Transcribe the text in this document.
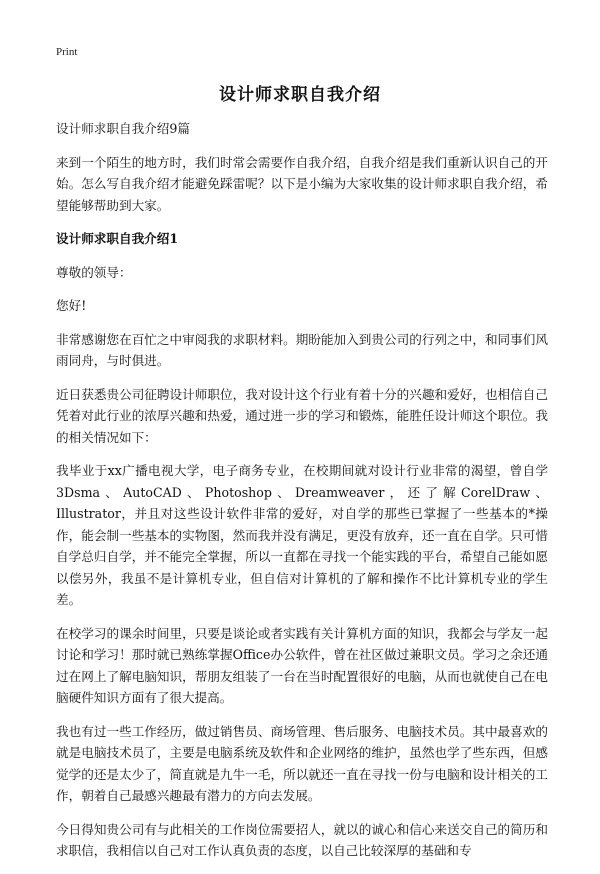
Print
设计师求职自我介绍

设计师求职自我介绍9篇

来到一个陌生的地方时，我们时常会需要作自我介绍，自我介绍是我们重新认识自己的开始。怎么写自我介绍才能避免踩雷呢？以下是小编为大家收集的设计师求职自我介绍，希望能够帮助到大家。

设计师求职自我介绍1

尊敬的领导：

您好!

非常感谢您在百忙之中审阅我的求职材料。期盼能加入到贵公司的行列之中，和同事们风雨同舟，与时俱进。

近日获悉贵公司征聘设计师职位，我对设计这个行业有着十分的兴趣和爱好，也相信自己凭着对此行业的浓厚兴趣和热爱，通过进一步的学习和锻炼，能胜任设计师这个职位。我的相关情况如下：

我毕业于xx广播电视大学，电子商务专业，在校期间就对设计行业非常的渴望，曾自学3Dsma、AutoCAD、Photoshop、Dreamweaver，还了解CorelDraw、Illustrator，并且对这些设计软件非常的爱好，对自学的那些已掌握了一些基本的*操作，能会制一些基本的实物图，然而我并没有满足，更没有放弃，还一直在自学。只可惜自学总归自学，并不能完全掌握，所以一直都在寻找一个能实践的平台，希望自己能如愿以偿另外，我虽不是计算机专业，但自信对计算机的了解和操作不比计算机专业的学生差。

在校学习的课余时间里，只要是谈论或者实践有关计算机方面的知识，我都会与学友一起讨论和学习！那时就已熟练掌握Office办公软件，曾在社区做过兼职文员。学习之余还通过在网上了解电脑知识，帮朋友组装了一台在当时配置很好的电脑，从而也就使自己在电脑硬件知识方面有了很大提高。

我也有过一些工作经历，做过销售员、商场管理、售后服务、电脑技术员。其中最喜欢的就是电脑技术员了，主要是电脑系统及软件和企业网络的维护，虽然也学了些东西，但感觉学的还是太少了，简直就是九牛一毛，所以就还一直在寻找一份与电脑和设计相关的工作，朝着自己最感兴趣最有潜力的方向去发展。

今日得知贵公司有与此相关的工作岗位需要招人，就以的诚心和信心来送交自己的简历和求职信，我相信以自己对工作认真负责的态度，以自己比较深厚的基础和专
